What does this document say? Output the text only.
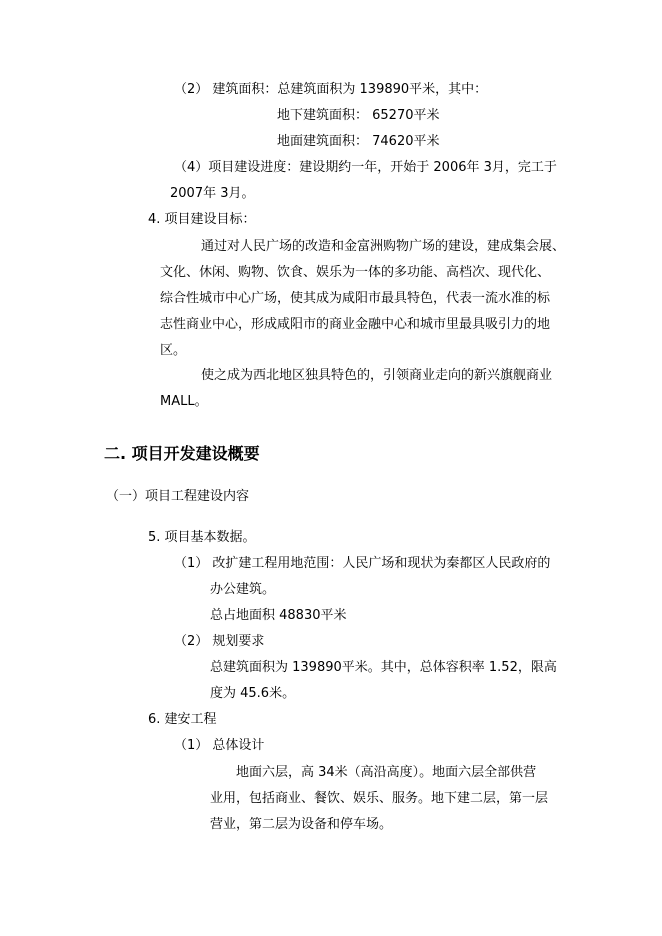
（2） 建筑面积：总建筑面积为 139890平米，其中：
地下建筑面积： 65270平米
地面建筑面积： 74620平米
（4）项目建设进度：建设期约一年，开始于 2006年 3月，完工于
2007年 3月。
4. 项目建设目标：
通过对人民广场的改造和金富洲购物广场的建设，建成集会展、
文化、休闲、购物、饮食、娱乐为一体的多功能、高档次、现代化、
综合性城市中心广场，使其成为咸阳市最具特色，代表一流水准的标
志性商业中心，形成咸阳市的商业金融中心和城市里最具吸引力的地
区。
使之成为西北地区独具特色的，引领商业走向的新兴旗舰商业
MALL。
二. 项目开发建设概要
（一）项目工程建设内容
5. 项目基本数据。
（1） 改扩建工程用地范围：人民广场和现状为秦都区人民政府的
办公建筑。
总占地面积 48830平米
（2） 规划要求
总建筑面积为 139890平米。其中，总体容积率 1.52，限高
度为 45.6米。
6. 建安工程
（1） 总体设计
地面六层，高 34米（高沿高度）。地面六层全部供营
业用，包括商业、餐饮、娱乐、服务。地下建二层，第一层
营业，第二层为设备和停车场。
